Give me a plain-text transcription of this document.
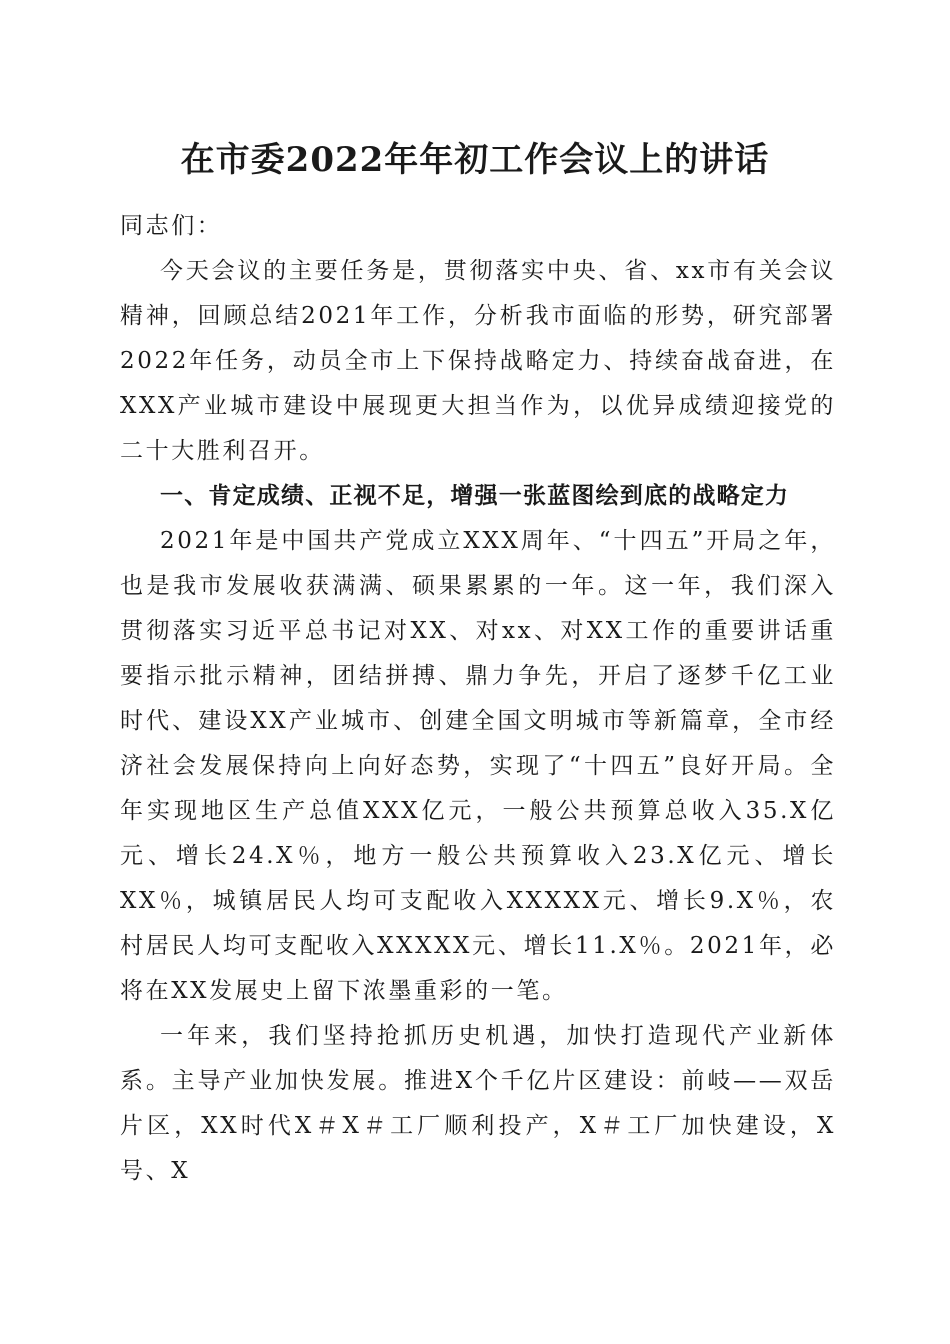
在市委2022年年初工作会议上的讲话

同志们：

今天会议的主要任务是，贯彻落实中央、省、xx市有关会议精神，回顾总结2021年工作，分析我市面临的形势，研究部署2022年任务，动员全市上下保持战略定力、持续奋战奋进，在XXX产业城市建设中展现更大担当作为，以优异成绩迎接党的二十大胜利召开。

一、肯定成绩、正视不足，增强一张蓝图绘到底的战略定力

2021年是中国共产党成立XXX周年、“十四五”开局之年，也是我市发展收获满满、硕果累累的一年。这一年，我们深入贯彻落实习近平总书记对XX、对xx、对XX工作的重要讲话重要指示批示精神，团结拼搏、鼎力争先，开启了逐梦千亿工业时代、建设XX产业城市、创建全国文明城市等新篇章，全市经济社会发展保持向上向好态势，实现了“十四五”良好开局。全年实现地区生产总值XXX亿元，一般公共预算总收入35.X亿元、增长24.X％，地方一般公共预算收入23.X亿元、增长XX％，城镇居民人均可支配收入XXXXX元、增长9.X％，农村居民人均可支配收入XXXXX元、增长11.X％。2021年，必将在XX发展史上留下浓墨重彩的一笔。

一年来，我们坚持抢抓历史机遇，加快打造现代产业新体系。主导产业加快发展。推进X个千亿片区建设：前岐——双岳片区，XX时代X＃X＃工厂顺利投产，X＃工厂加快建设，X号、X
